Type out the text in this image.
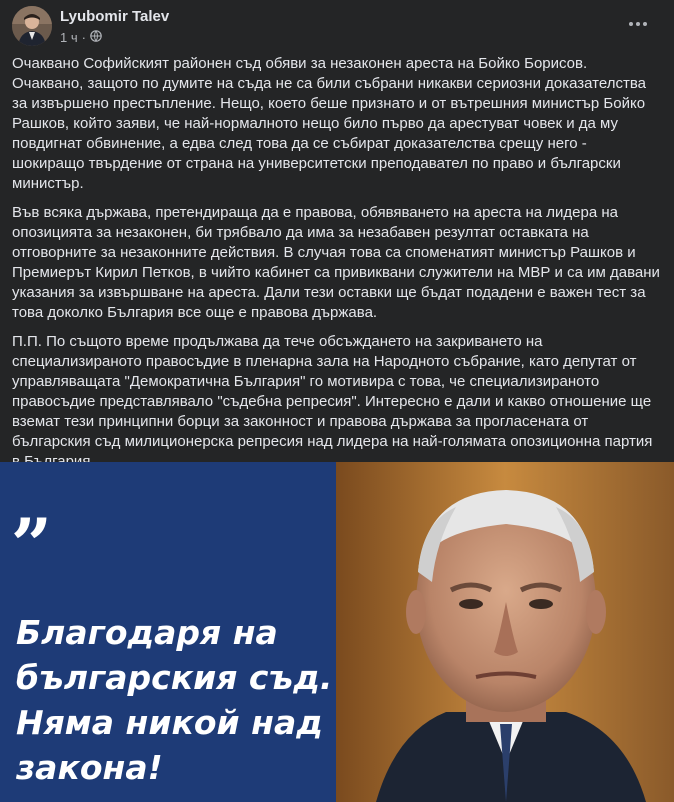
Lyubomir Talev
1 ч ·

Очаквано Софийският районен съд обяви за незаконен ареста на Бойко Борисов. Очаквано, защото по думите на съда не са били събрани никакви сериозни доказателства за извършено престъпление. Нещо, което беше признато и от вътрешния министър Бойко Рашков, който заяви, че най-нормалното нещо било първо да арестуват човек и да му повдигнат обвинение, а едва след това да се събират доказателства срещу него - шокиращо твърдение от страна на университетски преподавател по право и български министър.

Във всяка държава, претендираща да е правова, обявяването на ареста на лидера на опозицията за незаконен, би трябвало да има за незабавен резултат оставката на отговорните за незаконните действия. В случая това са споменатият министър Рашков и Премиерът Кирил Петков, в чийто кабинет са привиквани служители на МВР и са им давани указания за извършване на ареста. Дали тези оставки ще бъдат подадени е важен тест за това доколко България все още е правова държава.

П.П. По същото време продължава да тече обсъждането на закриването на специализираното правосъдие в пленарна зала на Народното събрание, като депутат от управляващата "Демократична България" го мотивира с това, че специализираното правосъдие представлявало "съдебна репресия". Интересно е дали и какво отношение ще вземат тези принципни борци за законност и правова държава за прогласената от българския съд милиционерска репресия над лидера на най-голямата опозиционна партия

„
Благодаря на
българския съд.
Няма никой над
закона!
